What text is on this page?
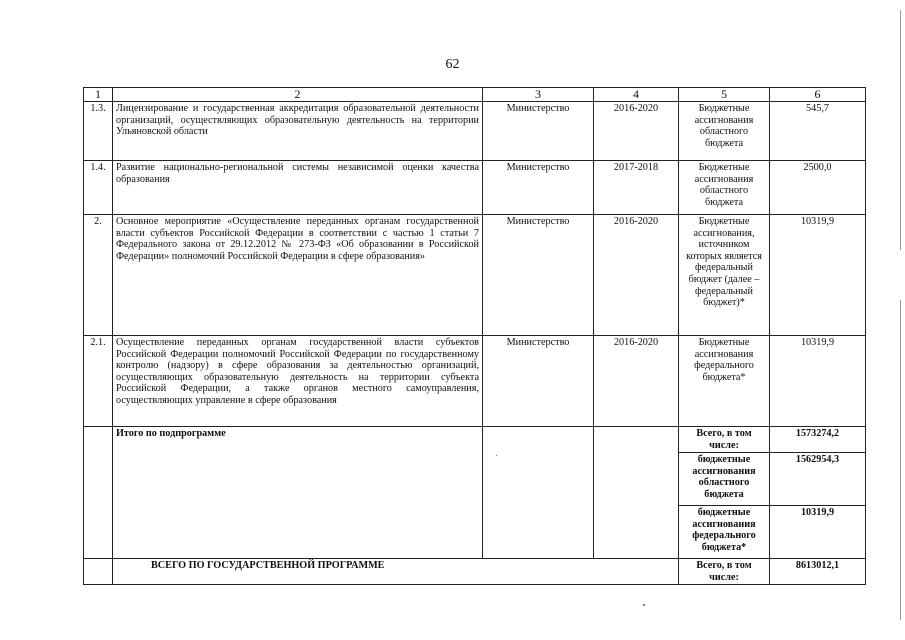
62
1	2	3	4	5	6
1.3.	Лицензирование и государственная аккредитация образовательной деятельности организаций, осуществляющих образовательную деятельность на территории Ульяновской области	Министерство	2016-2020	Бюджетные ассигнования областного бюджета	545,7
1.4.	Развитие национально-региональной системы независимой оценки качества образования	Министерство	2017-2018	Бюджетные ассигнования областного бюджета	2500,0
2.	Основное мероприятие «Осуществление переданных органам государственной власти субъектов Российской Федерации в соответствии с частью 1 статьи 7 Федерального закона от 29.12.2012 № 273-ФЗ «Об образовании в Российской Федерации» полномочий Российской Федерации в сфере образования»	Министерство	2016-2020	Бюджетные ассигнования, источником которых является федеральный бюджет (далее – федеральный бюджет)*	10319,9
2.1.	Осуществление переданных органам государственной власти субъектов Российской Федерации полномочий Российской Федерации по государственному контролю (надзору) в сфере образования за деятельностью организаций, осуществляющих образовательную деятельность на территории субъекта Российской Федерации, а также органов местного самоуправления, осуществляющих управление в сфере образования	Министерство	2016-2020	Бюджетные ассигнования федерального бюджета*	10319,9
	Итого по подпрограмме			Всего, в том числе:	1573274,2
				бюджетные ассигнования областного бюджета	1562954,3
				бюджетные ассигнования федерального бюджета*	10319,9
	ВСЕГО ПО ГОСУДАРСТВЕННОЙ ПРОГРАММЕ			Всего, в том числе:	8613012,1
